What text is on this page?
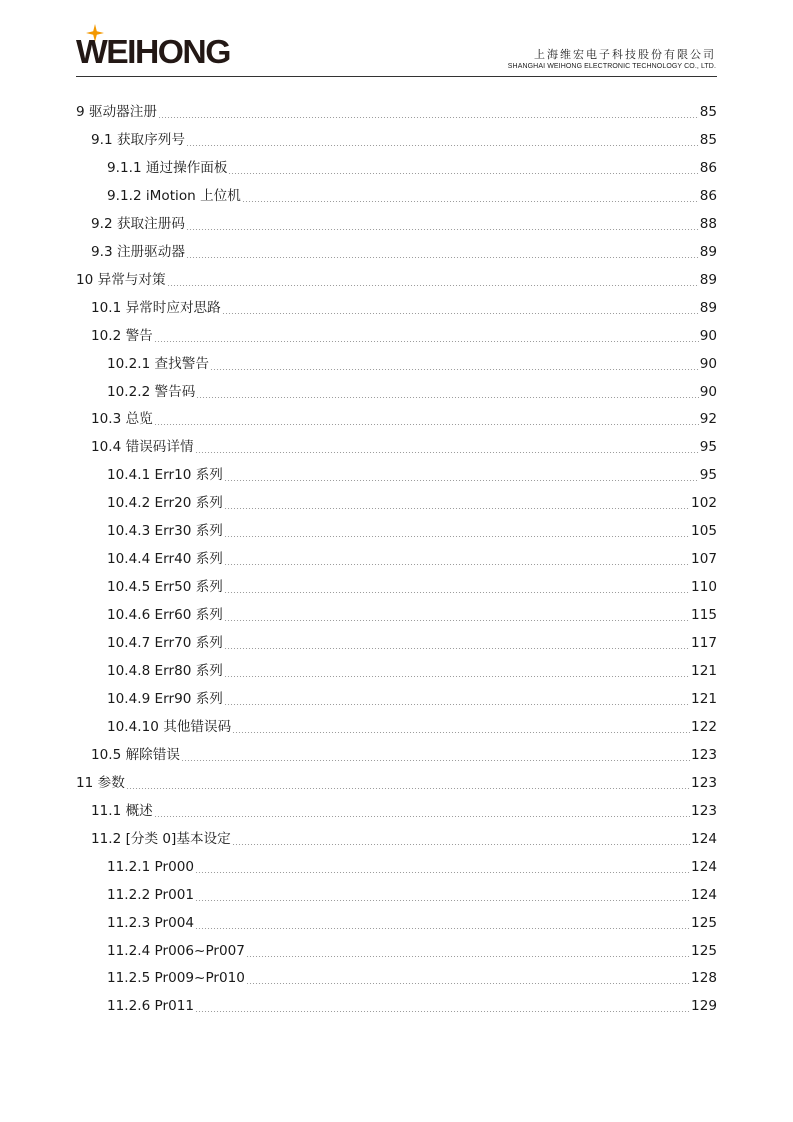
WEIHONG	上海维宏电子科技股份有限公司
SHANGHAI WEIHONG ELECTRONIC TECHNOLOGY CO., LTD.
9 驱动器注册	85
9.1 获取序列号	85
9.1.1 通过操作面板	86
9.1.2 iMotion 上位机	86
9.2 获取注册码	88
9.3 注册驱动器	89
10 异常与对策	89
10.1 异常时应对思路	89
10.2 警告	90
10.2.1 查找警告	90
10.2.2 警告码	90
10.3 总览	92
10.4 错误码详情	95
10.4.1 Err10 系列	95
10.4.2 Err20 系列	102
10.4.3 Err30 系列	105
10.4.4 Err40 系列	107
10.4.5 Err50 系列	110
10.4.6 Err60 系列	115
10.4.7 Err70 系列	117
10.4.8 Err80 系列	121
10.4.9 Err90 系列	121
10.4.10 其他错误码	122
10.5 解除错误	123
11 参数	123
11.1 概述	123
11.2 [分类 0]基本设定	124
11.2.1 Pr000	124
11.2.2 Pr001	124
11.2.3 Pr004	125
11.2.4 Pr006~Pr007	125
11.2.5 Pr009~Pr010	128
11.2.6 Pr011	129
